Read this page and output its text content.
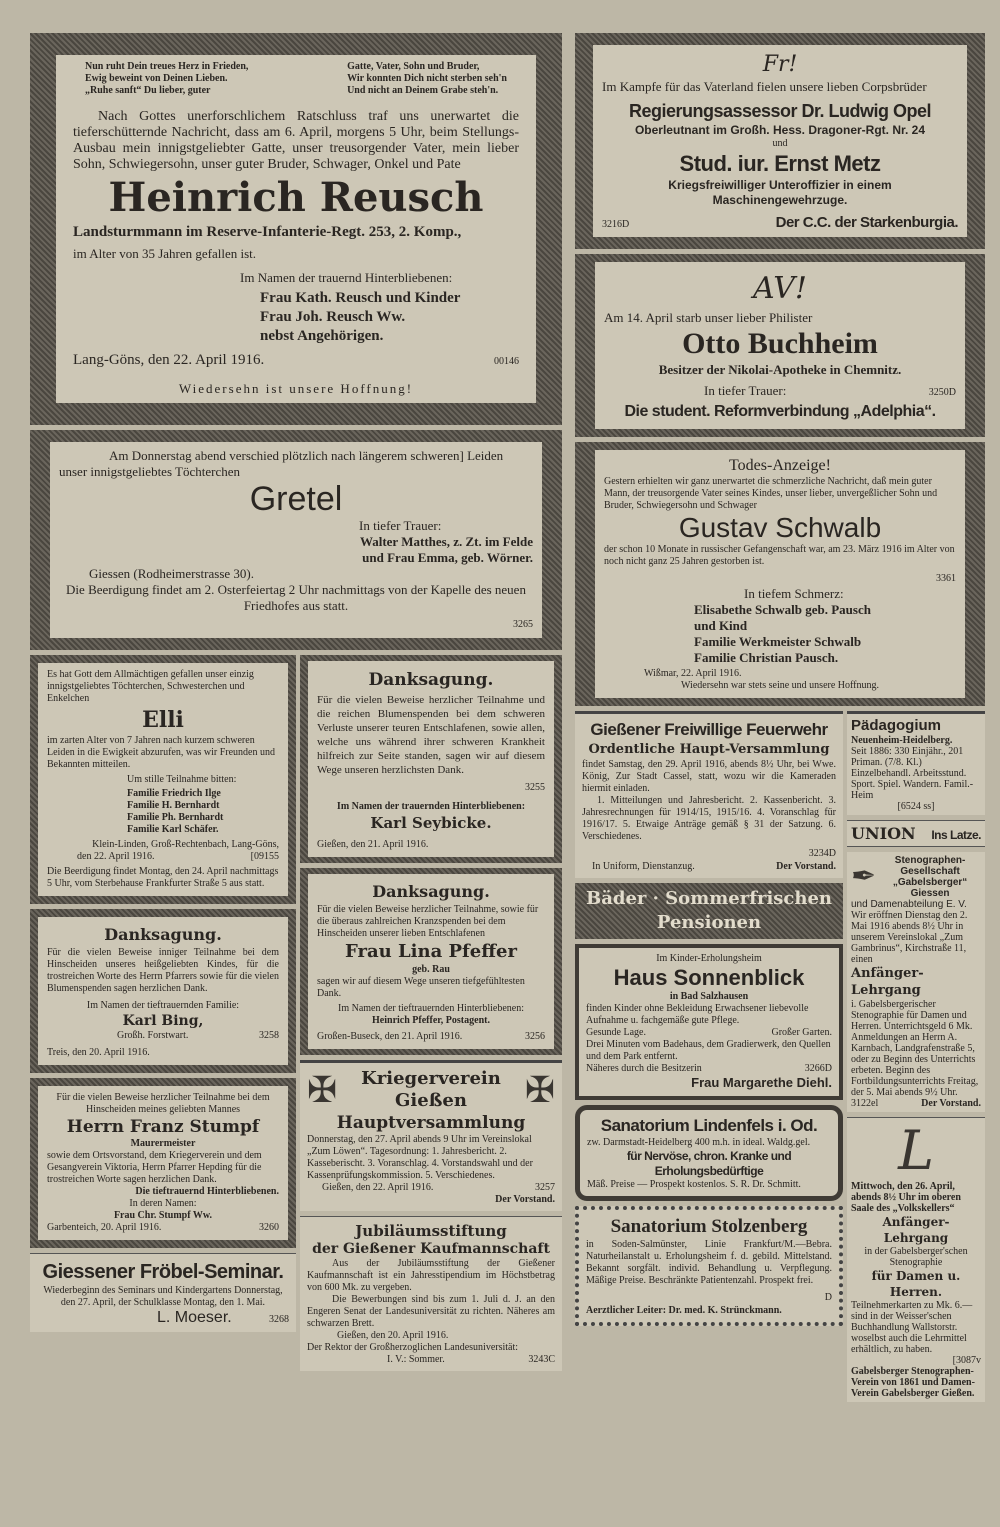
Nun ruht Dein treues Herz in Frieden,
Ewig beweint von Deinen Lieben.
„Ruhe sanft“ Du lieber, guter
Gatte, Vater, Sohn und Bruder,
Wir konnten Dich nicht sterben seh'n
Und nicht an Deinem Grabe steh'n.

Nach Gottes unerforschlichem Ratschluss traf uns unerwartet die tieferschütternde Nachricht, dass am 6. April, morgens 5 Uhr, beim Stellungs-Ausbau mein innigstgeliebter Gatte, unser treusorgender Vater, mein lieber Sohn, Schwiegersohn, unser guter Bruder, Schwager, Onkel und Pate

Heinrich Reusch
Landsturmmann im Reserve-Infanterie-Regt. 253, 2. Komp.,
im Alter von 35 Jahren gefallen ist.
Im Namen der trauernd Hinterbliebenen:
Frau Kath. Reusch und Kinder
Frau Joh. Reusch Ww.
nebst Angehörigen.
Lang-Göns, den 22. April 1916.	00146
Wiedersehn ist unsere Hoffnung!

Am Donnerstag abend verschied plötzlich nach längerem schweren] Leiden unser innigstgeliebtes Töchterchen

Gretel
In tiefer Trauer:
Walter Matthes, z. Zt. im Felde
und Frau Emma, geb. Wörner.
Giessen (Rodheimerstrasse 30).

Die Beerdigung findet am 2. Osterfeiertag 2 Uhr nachmittags von der Kapelle des neuen Friedhofes aus statt.

3265

Es hat Gott dem Allmächtigen gefallen unser einzig innigstgeliebtes Töchterchen, Schwesterchen und Enkelchen

Elli

im zarten Alter von 7 Jahren nach kurzem schweren Leiden in die Ewigkeit abzurufen, was wir Freunden und Bekannten mitteilen.

Um stille Teilnahme bitten:
Familie Friedrich Ilge
Familie H. Bernhardt
Familie Ph. Bernhardt
Familie Karl Schäfer.
Klein-Linden, Groß-Rechtenbach, Lang-Göns,
den 22. April 1916.	[09155

Die Beerdigung findet Montag, den 24. April nachmittags 5 Uhr, vom Sterbehause Frankfurter Straße 5 aus statt.

Danksagung.

Für die vielen Beweise inniger Teilnahme bei dem Hinscheiden unseres heißgeliebten Kindes, für die trostreichen Worte des Herrn Pfarrers sowie für die vielen Blumenspenden sagen herzlichen Dank.

Im Namen der tieftrauernden Familie:
Karl Bing,
Großh. Forstwart.	3258
Treis, den 20. April 1916.

Für die vielen Beweise herzlicher Teilnahme bei dem Hinscheiden meines geliebten Mannes

Herrn Franz Stumpf
Maurermeister

sowie dem Ortsvorstand, dem Kriegerverein und dem Gesangverein Viktoria, Herrn Pfarrer Hepding für die trostreichen Worte sagen herzlichen Dank.

Die tieftrauernd Hinterbliebenen.
In deren Namen:
Frau Chr. Stumpf Ww.
Garbenteich, 20. April 1916.	3260
Giessener Fröbel-Seminar.

Wiederbeginn des Seminars und Kindergartens Donnerstag, den 27. April, der Schulklasse Montag, den 1. Mai.

L. Moeser.	3268
Danksagung.

Für die vielen Beweise herzlicher Teilnahme und die reichen Blumenspenden bei dem schweren Verluste unserer teuren Entschlafenen, sowie allen, welche uns während ihrer schweren Krankheit hilfreich zur Seite standen, sagen wir auf diesem Wege unseren herzlichsten Dank.

3255
Im Namen der trauernden Hinterbliebenen:
Karl Seybicke.
Gießen, den 21. April 1916.
Danksagung.

Für die vielen Beweise herzlicher Teilnahme, sowie für die überaus zahlreichen Kranzspenden bei dem Hinscheiden unserer lieben Entschlafenen

Frau Lina Pfeffer
geb. Rau

sagen wir auf diesem Wege unseren tiefgefühltesten Dank.

Im Namen der tieftrauernden Hinterbliebenen:
Heinrich Pfeffer, Postagent.
Großen-Buseck, den 21. April 1916.	3256
✠ Kriegerverein
Gießen	✠
Hauptversammlung

Donnerstag, den 27. April abends 9 Uhr im Vereinslokal „Zum Löwen“. Tagesordnung: 1. Jahresbericht. 2. Kasseberischt. 3. Voranschlag. 4. Vorstandswahl und der Kassenprüfungskommission. 5. Verschiedenes.

Gießen, den 22. April 1916.	3257
Der Vorstand.
Jubiläumsstiftung
der Gießener Kaufmannschaft

Aus der Jubiläumsstiftung der Gießener Kaufmannschaft ist ein Jahresstipendium im Höchstbetrag von 600 Mk. zu vergeben.

Die Bewerbungen sind bis zum 1. Juli d. J. an den Engeren Senat der Landesuniversität zu richten. Näheres am schwarzen Brett.

Gießen, den 20. April 1916.
Der Rektor der Großherzoglichen Landesuniversität:
I. V.: Sommer.	3243C
Fr!

Im Kampfe für das Vaterland fielen unsere lieben Corpsbrüder

Regierungsassessor Dr. Ludwig Opel
Oberleutnant im Großh. Hess. Dragoner-Rgt. Nr. 24
und
Stud. iur. Ernst Metz
Kriegsfreiwilliger Unteroffizier in einem Maschinengewehrzuge.
3216D	Der C.C. der Starkenburgia.
AV!
Am 14. April starb unser lieber Philister
Otto Buchheim
Besitzer der Nikolai-Apotheke in Chemnitz.
In tiefer Trauer:	3250D
Die student. Reformverbindung „Adelphia“.
Todes-Anzeige!

Gestern erhielten wir ganz unerwartet die schmerzliche Nachricht, daß mein guter Mann, der treusorgende Vater seines Kindes, unser lieber, unvergeßlicher Sohn und Bruder, Schwiegersohn und Schwager

Gustav Schwalb

der schon 10 Monate in russischer Gefangenschaft war, am 23. März 1916 im Alter von noch nicht ganz 25 Jahren gestorben ist.

3361
In tiefem Schmerz:
Elisabethe Schwalb geb. Pausch
und Kind
Familie Werkmeister Schwalb
Familie Christian Pausch.
Wißmar, 22. April 1916.
Wiedersehn war stets seine und unsere Hoffnung.
Gießener Freiwillige Feuerwehr
Ordentliche Haupt-Versammlung

findet Samstag, den 29. April 1916, abends 8½ Uhr, bei Wwe. König, Zur Stadt Cassel, statt, wozu wir die Kameraden hiermit einladen.

1. Mitteilungen und Jahresbericht. 2. Kassenbericht. 3. Jahresrechnungen für 1914/15, 1915/16. 4. Voranschlag für 1916/17. 5. Etwaige Anträge gemäß § 31 der Satzung. 6. Verschiedenes.

3234D
In Uniform, Dienstanzug.	Der Vorstand.
Bäder · Sommerfrischen
Pensionen
Im Kinder-Erholungsheim
Haus Sonnenblick
in Bad Salzhausen

finden Kinder ohne Bekleidung Erwachsener liebevolle Aufnahme u. fachgemäße gute Pflege.

Gesunde Lage.	Großer Garten.

Drei Minuten vom Badehaus, dem Gradierwerk, den Quellen und dem Park entfernt.

Näheres durch die Besitzerin	3266D
Frau Margarethe Diehl.
Sanatorium Lindenfels i. Od.
zw. Darmstadt-Heidelberg 400 m.h. in ideal. Waldg.gel.
für Nervöse, chron. Kranke und Erholungsbedürftige
Mäß. Preise — Prospekt kostenlos. S. R. Dr. Schmitt.
Sanatorium Stolzenberg

in Soden-Salmünster, Linie Frankfurt/M.—Bebra. Naturheilanstalt u. Erholungsheim f. d. gebild. Mittelstand. Bekannt sorgfält. individ. Behandlung u. Verpflegung. Mäßige Preise. Beschränkte Patientenzahl. Prospekt frei.

D
Aerztlicher Leiter: Dr. med. K. Strünckmann.
Pädagogium
Neuenheim-Heidelberg.

Seit 1886: 330 Einjähr., 201 Priman. (7/8. Kl.) Einzelbehandl. Arbeitsstund. Sport. Spiel. Wandern. Famil.-Heim

[6524 ss]
UNION Ins Latze.
✒	Stenographen-Gesellschaft „Gabelsberger“ Giessen
und Damenabteilung E. V.

Wir eröffnen Dienstag den 2. Mai 1916 abends 8½ Uhr in unserem Vereinslokal „Zum Gambrinus“, Kirchstraße 11, einen

Anfänger-Lehrgang

i. Gabelsbergerischer Stenographie für Damen und Herren. Unterrichtsgeld 6 Mk. Anmeldungen an Herrn A. Karnbach, Landgrafenstraße 5, oder zu Beginn des Unterrichts erbeten. Beginn des Fortbildungsunterrichts Freitag, der 5. Mai abends 9½ Uhr.

3122el	Der Vorstand.
L

Mittwoch, den 26. April, abends 8½ Uhr im oberen Saale des „Volkskellers“

Anfänger-Lehrgang
in der Gabelsberger'schen Stenographie
für Damen u. Herren.

Teilnehmerkarten zu Mk. 6.— sind in der Weisser'schen Buchhandlung Wallstorstr. woselbst auch die Lehrmittel erhältlich, zu haben.

[3087v

Gabelsberger Stenographen-Verein von 1861 und Damen-Verein Gabelsberger Gießen.
